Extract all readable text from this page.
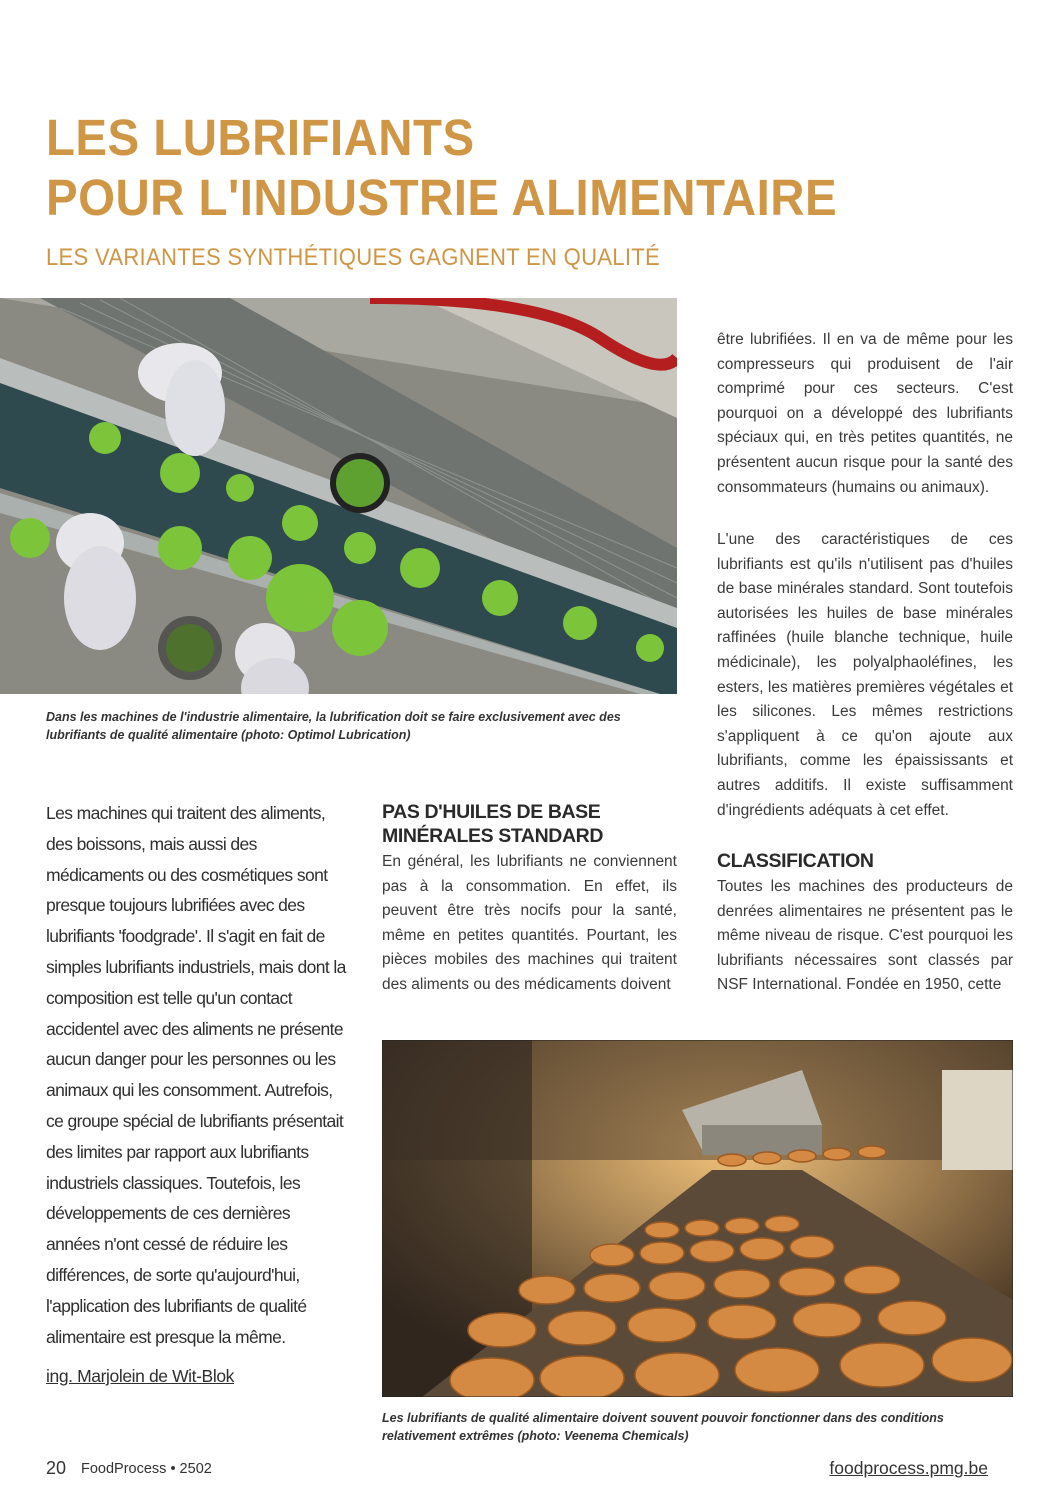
LES LUBRIFIANTS
POUR L'INDUSTRIE ALIMENTAIRE
LES VARIANTES SYNTHÉTIQUES GAGNENT EN QUALITÉ

Dans les machines de l'industrie alimentaire, la lubrification doit se faire exclusivement avec des lubrifiants de qualité alimentaire (photo: Optimol Lubrication)

Les machines qui traitent des aliments, des boissons, mais aussi des médicaments ou des cosmétiques sont presque toujours lubrifiées avec des lubrifiants 'foodgrade'. Il s'agit en fait de simples lubrifiants industriels, mais dont la composition est telle qu'un contact accidentel avec des aliments ne présente aucun danger pour les personnes ou les animaux qui les consomment. Autrefois, ce groupe spécial de lubrifiants présentait des limites par rapport aux lubrifiants industriels classiques. Toutefois, les développements de ces dernières années n'ont cessé de réduire les différences, de sorte qu'aujourd'hui, l'application des lubrifiants de qualité alimentaire est presque la même.

ing. Marjolein de Wit-Blok

PAS D'HUILES DE BASE
MINÉRALES STANDARD

En général, les lubrifiants ne conviennent pas à la consommation. En effet, ils peuvent être très nocifs pour la santé, même en petites quantités. Pourtant, les pièces mobiles des machines qui traitent des aliments ou des médicaments doivent

être lubrifiées. Il en va de même pour les compresseurs qui produisent de l'air comprimé pour ces secteurs. C'est pourquoi on a développé des lubrifiants spéciaux qui, en très petites quantités, ne présentent aucun risque pour la santé des consommateurs (humains ou animaux).

L'une des caractéristiques de ces lubrifiants est qu'ils n'utilisent pas d'huiles de base minérales standard. Sont toutefois autorisées les huiles de base minérales raffinées (huile blanche technique, huile médicinale), les polyalphaoléfines, les esters, les matières premières végétales et les silicones. Les mêmes restrictions s'appliquent à ce qu'on ajoute aux lubrifiants, comme les épaississants et autres additifs. Il existe suffisamment d'ingrédients adéquats à cet effet.

CLASSIFICATION

Toutes les machines des producteurs de denrées alimentaires ne présentent pas le même niveau de risque. C'est pourquoi les lubrifiants nécessaires sont classés par NSF International. Fondée en 1950, cette

Les lubrifiants de qualité alimentaire doivent souvent pouvoir fonctionner dans des conditions relativement extrêmes (photo: Veenema Chemicals)

20 FoodProcess • 2502	foodprocess.pmg.be
